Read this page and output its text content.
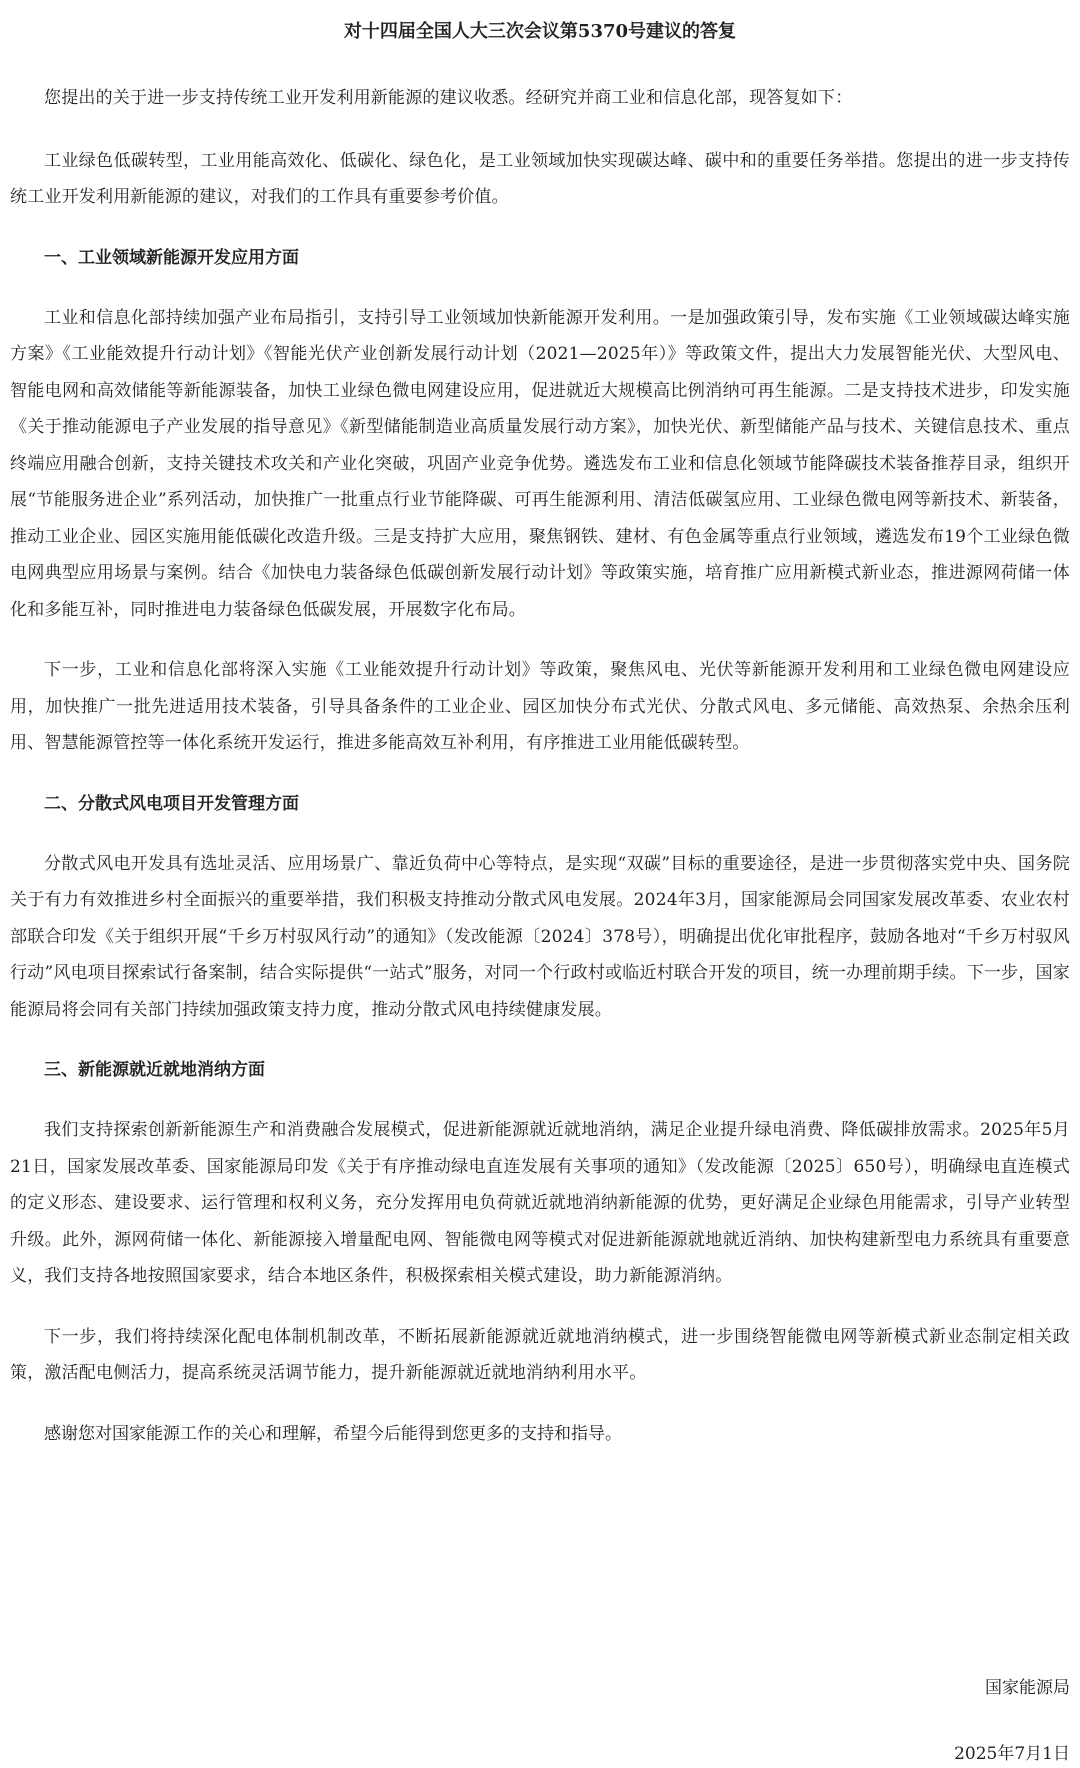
对十四届全国人大三次会议第5370号建议的答复

您提出的关于进一步支持传统工业开发利用新能源的建议收悉。经研究并商工业和信息化部，现答复如下：

工业绿色低碳转型，工业用能高效化、低碳化、绿色化，是工业领域加快实现碳达峰、碳中和的重要任务举措。您提出的进一步支持传统工业开发利用新能源的建议，对我们的工作具有重要参考价值。

一、工业领域新能源开发应用方面

工业和信息化部持续加强产业布局指引，支持引导工业领域加快新能源开发利用。一是加强政策引导，发布实施《工业领域碳达峰实施方案》《工业能效提升行动计划》《智能光伏产业创新发展行动计划（2021—2025年）》等政策文件，提出大力发展智能光伏、大型风电、智能电网和高效储能等新能源装备，加快工业绿色微电网建设应用，促进就近大规模高比例消纳可再生能源。二是支持技术进步，印发实施《关于推动能源电子产业发展的指导意见》《新型储能制造业高质量发展行动方案》，加快光伏、新型储能产品与技术、关键信息技术、重点终端应用融合创新，支持关键技术攻关和产业化突破，巩固产业竞争优势。遴选发布工业和信息化领域节能降碳技术装备推荐目录，组织开展“节能服务进企业”系列活动，加快推广一批重点行业节能降碳、可再生能源利用、清洁低碳氢应用、工业绿色微电网等新技术、新装备，推动工业企业、园区实施用能低碳化改造升级。三是支持扩大应用，聚焦钢铁、建材、有色金属等重点行业领域，遴选发布19个工业绿色微电网典型应用场景与案例。结合《加快电力装备绿色低碳创新发展行动计划》等政策实施，培育推广应用新模式新业态，推进源网荷储一体化和多能互补，同时推进电力装备绿色低碳发展，开展数字化布局。

下一步，工业和信息化部将深入实施《工业能效提升行动计划》等政策，聚焦风电、光伏等新能源开发利用和工业绿色微电网建设应用，加快推广一批先进适用技术装备，引导具备条件的工业企业、园区加快分布式光伏、分散式风电、多元储能、高效热泵、余热余压利用、智慧能源管控等一体化系统开发运行，推进多能高效互补利用，有序推进工业用能低碳转型。

二、分散式风电项目开发管理方面

分散式风电开发具有选址灵活、应用场景广、靠近负荷中心等特点，是实现“双碳”目标的重要途径，是进一步贯彻落实党中央、国务院关于有力有效推进乡村全面振兴的重要举措，我们积极支持推动分散式风电发展。2024年3月，国家能源局会同国家发展改革委、农业农村部联合印发《关于组织开展“千乡万村驭风行动”的通知》（发改能源〔2024〕378号），明确提出优化审批程序，鼓励各地对“千乡万村驭风行动”风电项目探索试行备案制，结合实际提供“一站式”服务，对同一个行政村或临近村联合开发的项目，统一办理前期手续。下一步，国家能源局将会同有关部门持续加强政策支持力度，推动分散式风电持续健康发展。

三、新能源就近就地消纳方面

我们支持探索创新新能源生产和消费融合发展模式，促进新能源就近就地消纳，满足企业提升绿电消费、降低碳排放需求。2025年5月21日，国家发展改革委、国家能源局印发《关于有序推动绿电直连发展有关事项的通知》（发改能源〔2025〕650号），明确绿电直连模式的定义形态、建设要求、运行管理和权利义务，充分发挥用电负荷就近就地消纳新能源的优势，更好满足企业绿色用能需求，引导产业转型升级。此外，源网荷储一体化、新能源接入增量配电网、智能微电网等模式对促进新能源就地就近消纳、加快构建新型电力系统具有重要意义，我们支持各地按照国家要求，结合本地区条件，积极探索相关模式建设，助力新能源消纳。

下一步，我们将持续深化配电体制机制改革，不断拓展新能源就近就地消纳模式，进一步围绕智能微电网等新模式新业态制定相关政策，激活配电侧活力，提高系统灵活调节能力，提升新能源就近就地消纳利用水平。

感谢您对国家能源工作的关心和理解，希望今后能得到您更多的支持和指导。
国家能源局
2025年7月1日
